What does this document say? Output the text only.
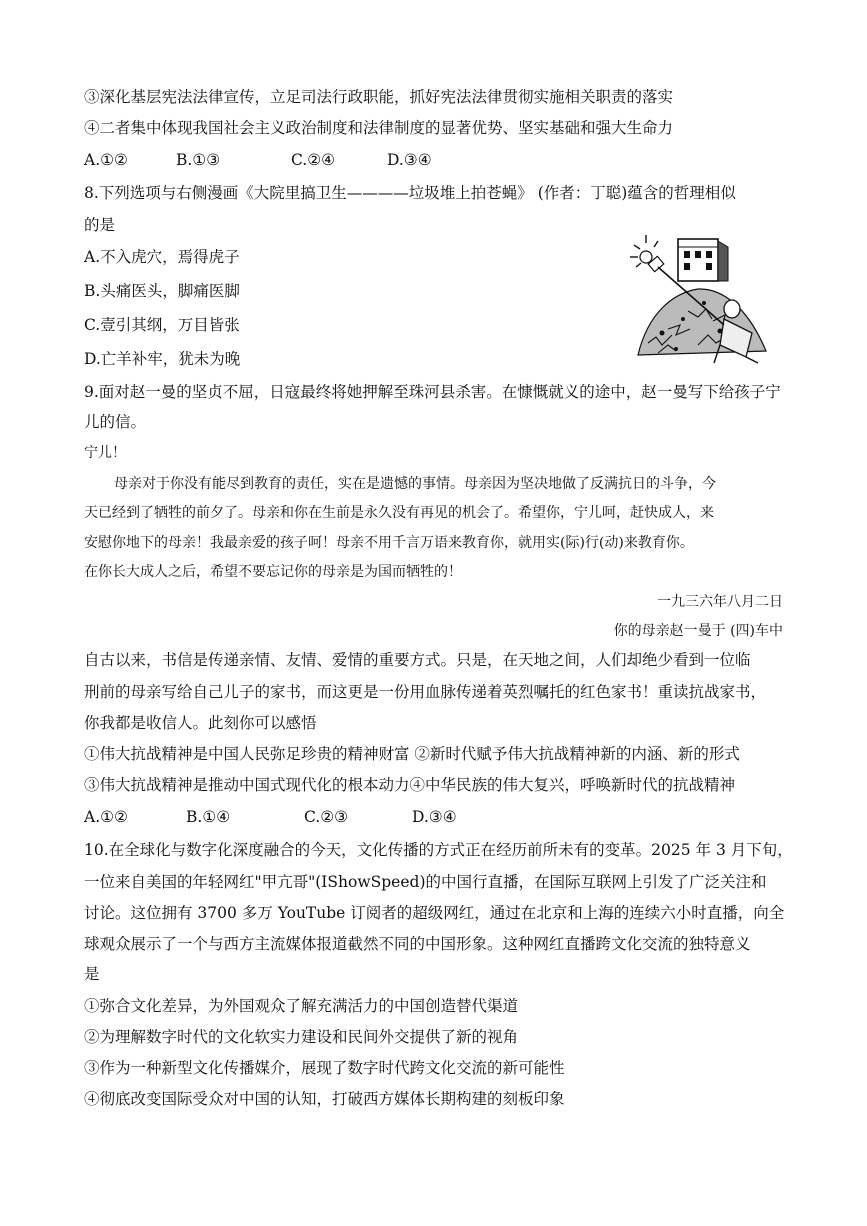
③深化基层宪法法律宣传，立足司法行政职能，抓好宪法法律贯彻实施相关职责的落实
④二者集中体现我国社会主义政治制度和法律制度的显著优势、坚实基础和强大生命力
A.①②	B.①③	C.②④	D.③④
8.下列选项与右侧漫画《大院里搞卫生————垃圾堆上拍苍蝇》 (作者：丁聪)蕴含的哲理相似
的是
A.不入虎穴，焉得虎子
B.头痛医头，脚痛医脚
C.壹引其纲，万目皆张
D.亡羊补牢，犹未为晚
9.面对赵一曼的坚贞不屈，日寇最终将她押解至珠河县杀害。在慷慨就义的途中，赵一曼写下给孩子宁
儿的信。
宁儿！
母亲对于你没有能尽到教育的责任，实在是遗憾的事情。母亲因为坚决地做了反满抗日的斗争，今
天已经到了牺牲的前夕了。母亲和你在生前是永久没有再见的机会了。希望你，宁儿呵，赶快成人，来
安慰你地下的母亲！我最亲爱的孩子呵！母亲不用千言万语来教育你，就用实(际)行(动)来教育你。
在你长大成人之后，希望不要忘记你的母亲是为国而牺牲的！
一九三六年八月二日
你的母亲赵一曼于 (四)车中
自古以来，书信是传递亲情、友情、爱情的重要方式。只是，在天地之间，人们却绝少看到一位临
刑前的母亲写给自己儿子的家书，而这更是一份用血脉传递着英烈嘱托的红色家书！重读抗战家书，
你我都是收信人。此刻你可以感悟
①伟大抗战精神是中国人民弥足珍贵的精神财富 ②新时代赋予伟大抗战精神新的内涵、新的形式
③伟大抗战精神是推动中国式现代化的根本动力④中华民族的伟大复兴，呼唤新时代的抗战精神
A.①②	B.①④	C.②③	D.③④
10.在全球化与数字化深度融合的今天，文化传播的方式正在经历前所未有的变革。2025 年 3 月下旬，
一位来自美国的年轻网红"甲亢哥"(IShowSpeed)的中国行直播，在国际互联网上引发了广泛关注和
讨论。这位拥有 3700 多万 YouTube 订阅者的超级网红，通过在北京和上海的连续六小时直播，向全
球观众展示了一个与西方主流媒体报道截然不同的中国形象。这种网红直播跨文化交流的独特意义
是
①弥合文化差异，为外国观众了解充满活力的中国创造替代渠道
②为理解数字时代的文化软实力建设和民间外交提供了新的视角
③作为一种新型文化传播媒介，展现了数字时代跨文化交流的新可能性
④彻底改变国际受众对中国的认知，打破西方媒体长期构建的刻板印象
